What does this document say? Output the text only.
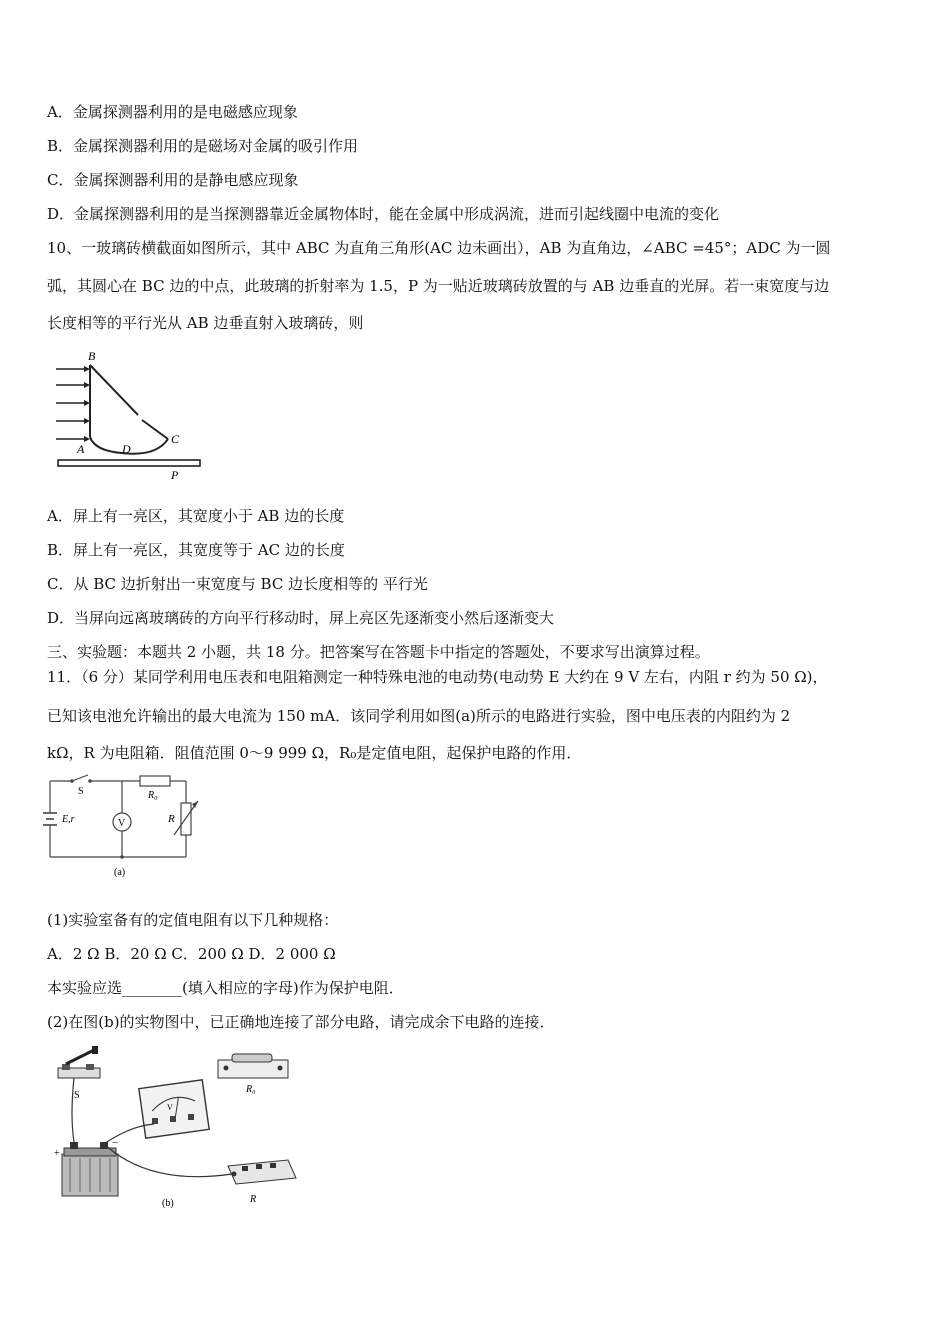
A．金属探测器利用的是电磁感应现象
B．金属探测器利用的是磁场对金属的吸引作用
C．金属探测器利用的是静电感应现象
D．金属探测器利用的是当探测器靠近金属物体时，能在金属中形成涡流，进而引起线圈中电流的变化
10、一玻璃砖横截面如图所示，其中 ABC 为直角三角形(AC 边未画出），AB 为直角边，∠ABC =45°；ADC 为一圆
弧，其圆心在 BC 边的中点，此玻璃的折射率为 1.5，P 为一贴近玻璃砖放置的与 AB 边垂直的光屏。若一束宽度与边
长度相等的平行光从 AB 边垂直射入玻璃砖，则
B
A	D
C
P
A．屏上有一亮区，其宽度小于 AB 边的长度
B．屏上有一亮区，其宽度等于 AC 边的长度
C．从 BC 边折射出一束宽度与 BC 边长度相等的 平行光
D．当屏向远离玻璃砖的方向平行移动时，屏上亮区先逐渐变小然后逐渐变大
三、实验题：本题共 2 小题，共 18 分。把答案写在答题卡中指定的答题处，不要求写出演算过程。
11．（6 分）某同学利用电压表和电阻箱测定一种特殊电池的电动势(电动势 E 大约在 9 V 左右，内阻 r 约为 50 Ω)，
已知该电池允许输出的最大电流为 150 mA．该同学利用如图(a)所示的电路进行实验，图中电压表的内阻约为 2
kΩ，R 为电阻箱．阻值范围 0～9 999 Ω，R₀是定值电阻，起保护电路的作用．
S	R₀
V	R
E,r
(a)
(1)实验室备有的定值电阻有以下几种规格：
A．2 Ω B．20 Ω C．200 Ω D．2 000 Ω
本实验应选________(填入相应的字母)作为保护电阻．
(2)在图(b)的实物图中，已正确地连接了部分电路，请完成余下电路的连接．
S
R₀
V
+
−
R
(b)
